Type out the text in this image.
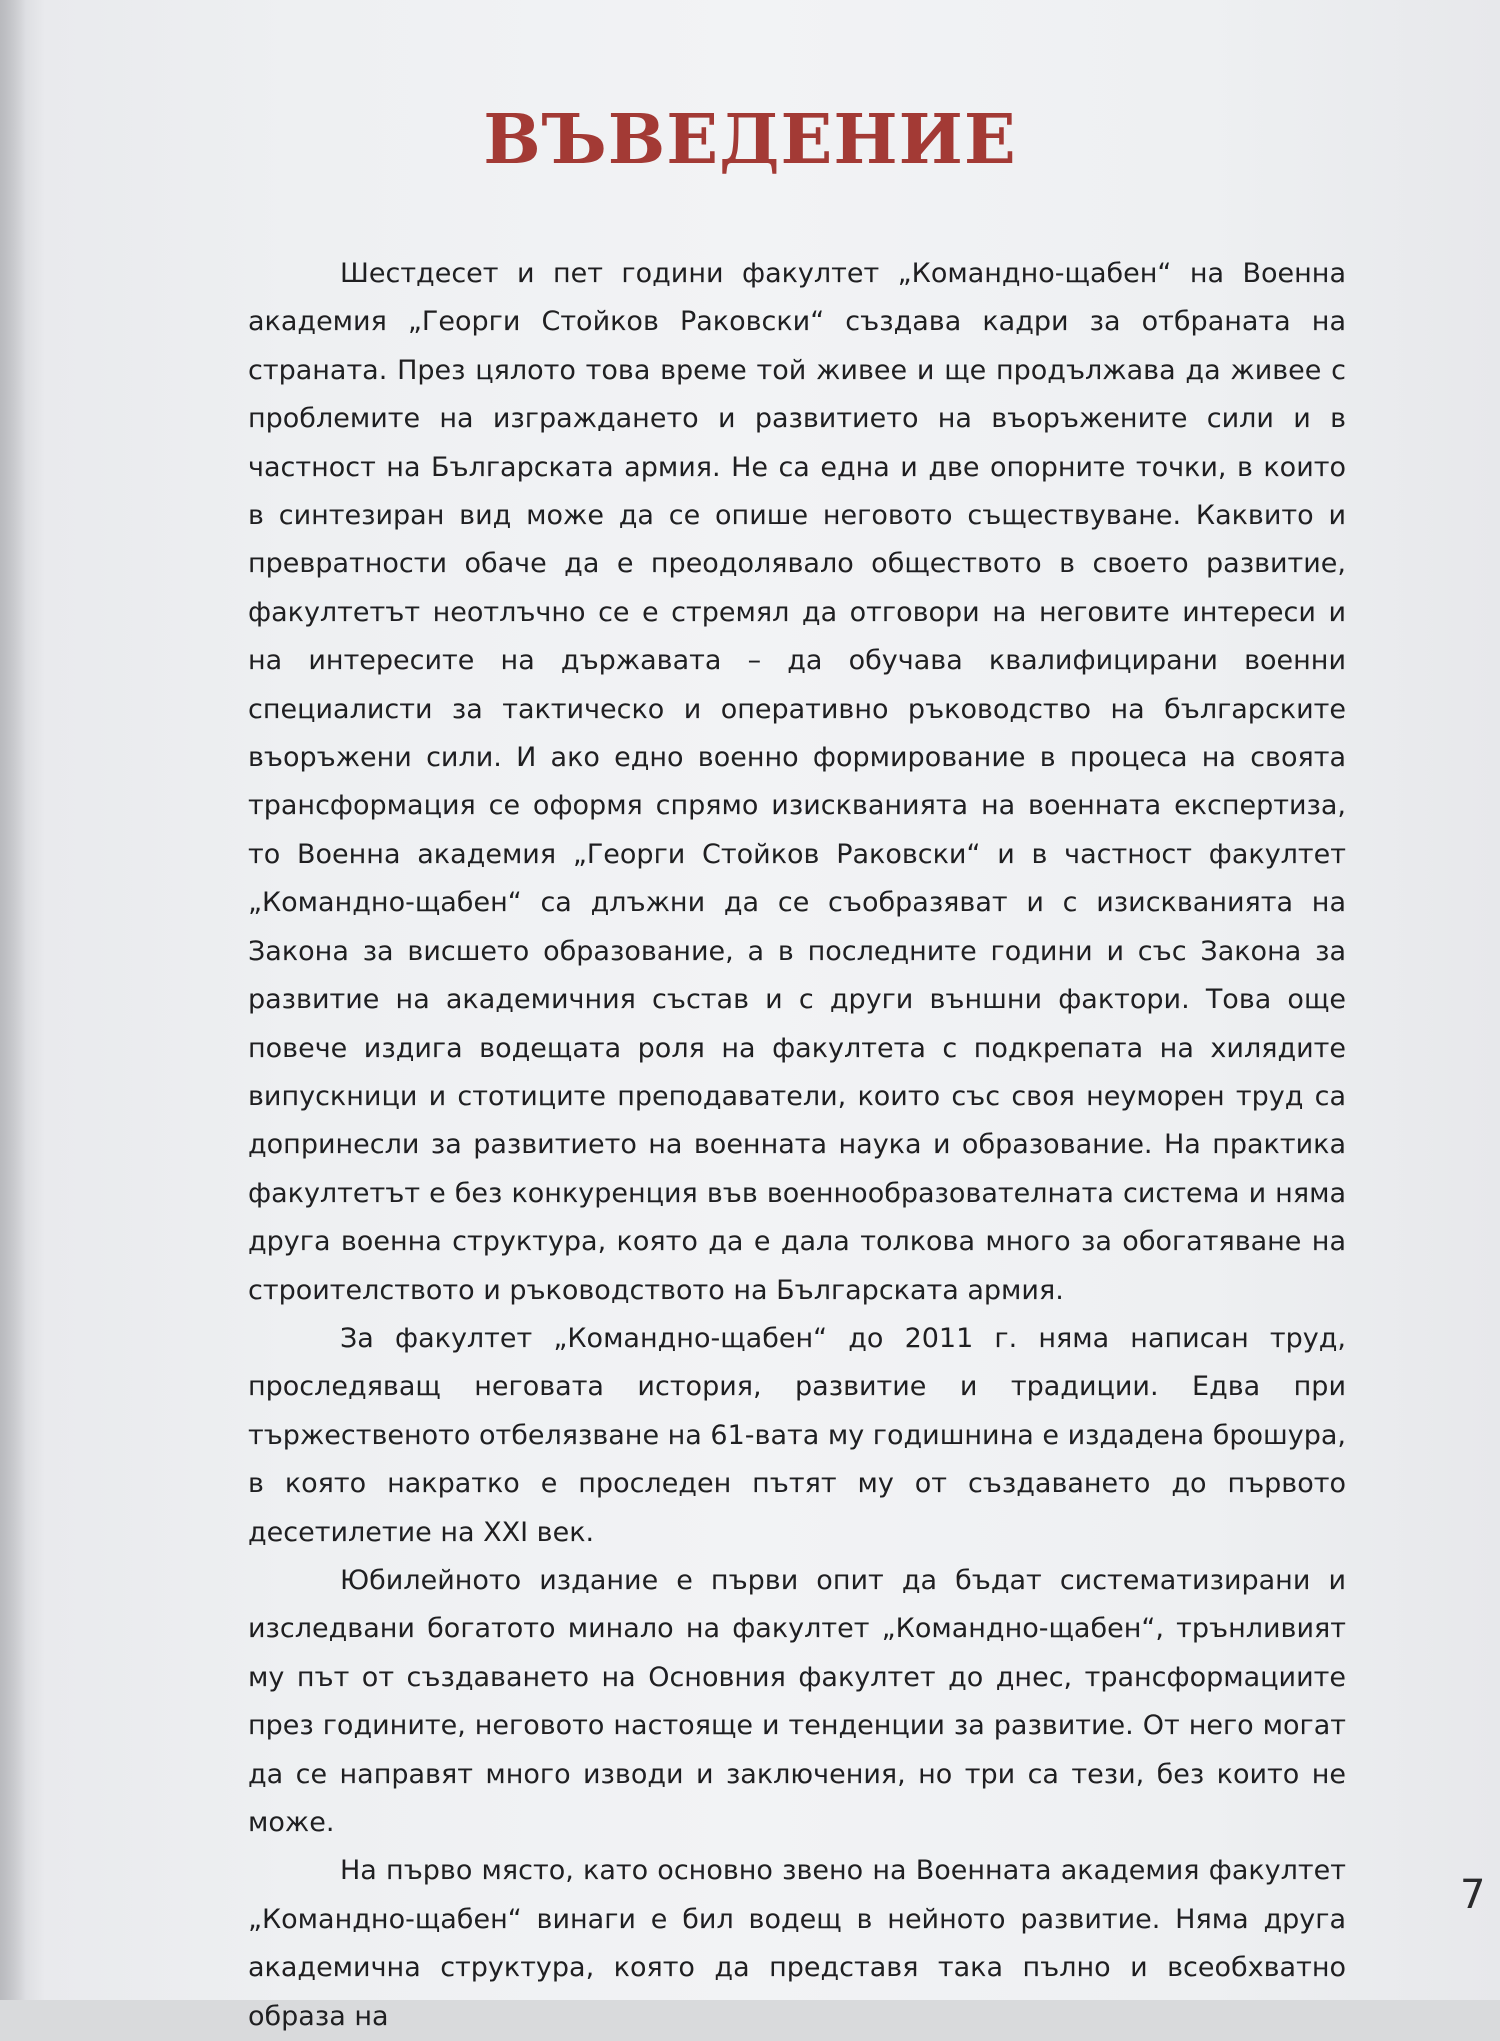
ВЪВЕДЕНИЕ

Шестдесет и пет години факултет „Командно-щабен“ на Военна академия „Георги Стойков Раковски“ създава кадри за отбраната на страната. През цялото това време той живее и ще продължава да живее с проблемите на изграждането и развитието на въоръжените сили и в частност на Българската армия. Не са една и две опорните точки, в които в синтезиран вид може да се опише неговото съществуване. Каквито и превратности обаче да е преодолявало обществото в своето развитие, факултетът неотлъчно се е стремял да отговори на неговите интереси и на интересите на държавата – да обучава квалифицирани военни специалисти за тактическо и оперативно ръководство на българските въоръжени сили. И ако едно военно формирование в процеса на своята трансформация се оформя спрямо изискванията на военната експертиза, то Военна академия „Георги Стойков Раковски“ и в частност факултет „Командно-щабен“ са длъжни да се съобразяват и с изискванията на Закона за висшето образование, а в последните години и със Закона за развитие на академичния състав и с други външни фактори. Това още повече издига водещата роля на факултета с подкрепата на хилядите випускници и стотиците преподаватели, които със своя неуморен труд са допринесли за развитието на военната наука и образование. На практика факултетът е без конкуренция във военнообразователната система и няма друга военна структура, която да е дала толкова много за обогатяване на строителството и ръководството на Българската армия.

За факултет „Командно-щабен“ до 2011 г. няма написан труд, проследяващ неговата история, развитие и традиции. Едва при тържественото отбелязване на 61-вата му годишнина е издадена брошура, в която накратко е проследен пътят му от създаването до първото десетилетие на XXI век.

Юбилейното издание е първи опит да бъдат систематизирани и изследвани богатото минало на факултет „Командно-щабен“, трънливият му път от създаването на Основния факултет до днес, трансформациите през годините, неговото настояще и тенденции за развитие. От него могат да се направят много изводи и заключения, но три са тези, без които не може.

На първо място, като основно звено на Военната академия факултет „Командно-щабен“ винаги е бил водещ в нейното развитие. Няма друга академична структура, която да представя така пълно и всеобхватно образа на

7
